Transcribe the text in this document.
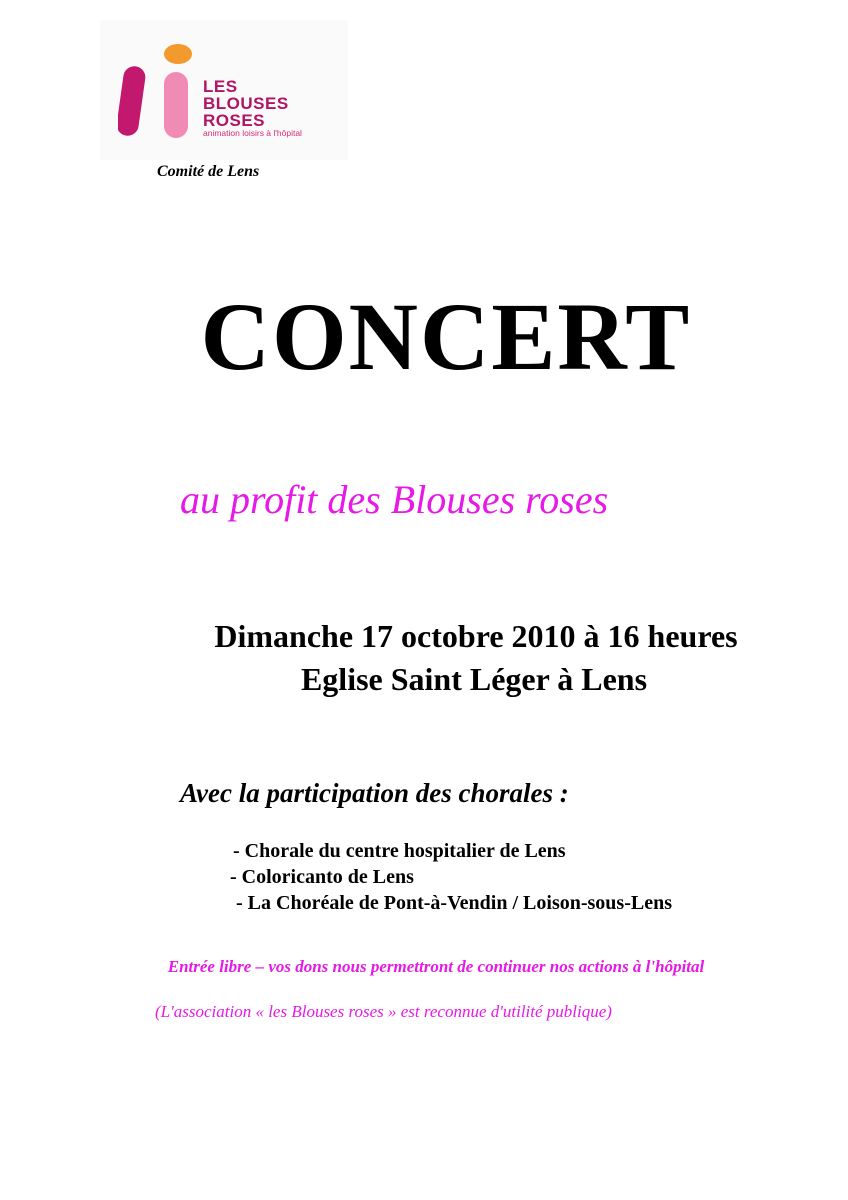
LES
BLOUSES
ROSES
animation loisirs à l'hôpital
Comité de Lens
CONCERT
au profit des Blouses roses
Dimanche 17 octobre 2010 à 16 heures
Eglise Saint Léger à Lens
Avec la participation des chorales :
- Chorale du centre hospitalier de Lens
- Coloricanto de Lens
- La Choréale de Pont-à-Vendin / Loison-sous-Lens
Entrée libre – vos dons nous permettront de continuer nos actions à l'hôpital
(L'association « les Blouses roses » est reconnue d'utilité publique)
